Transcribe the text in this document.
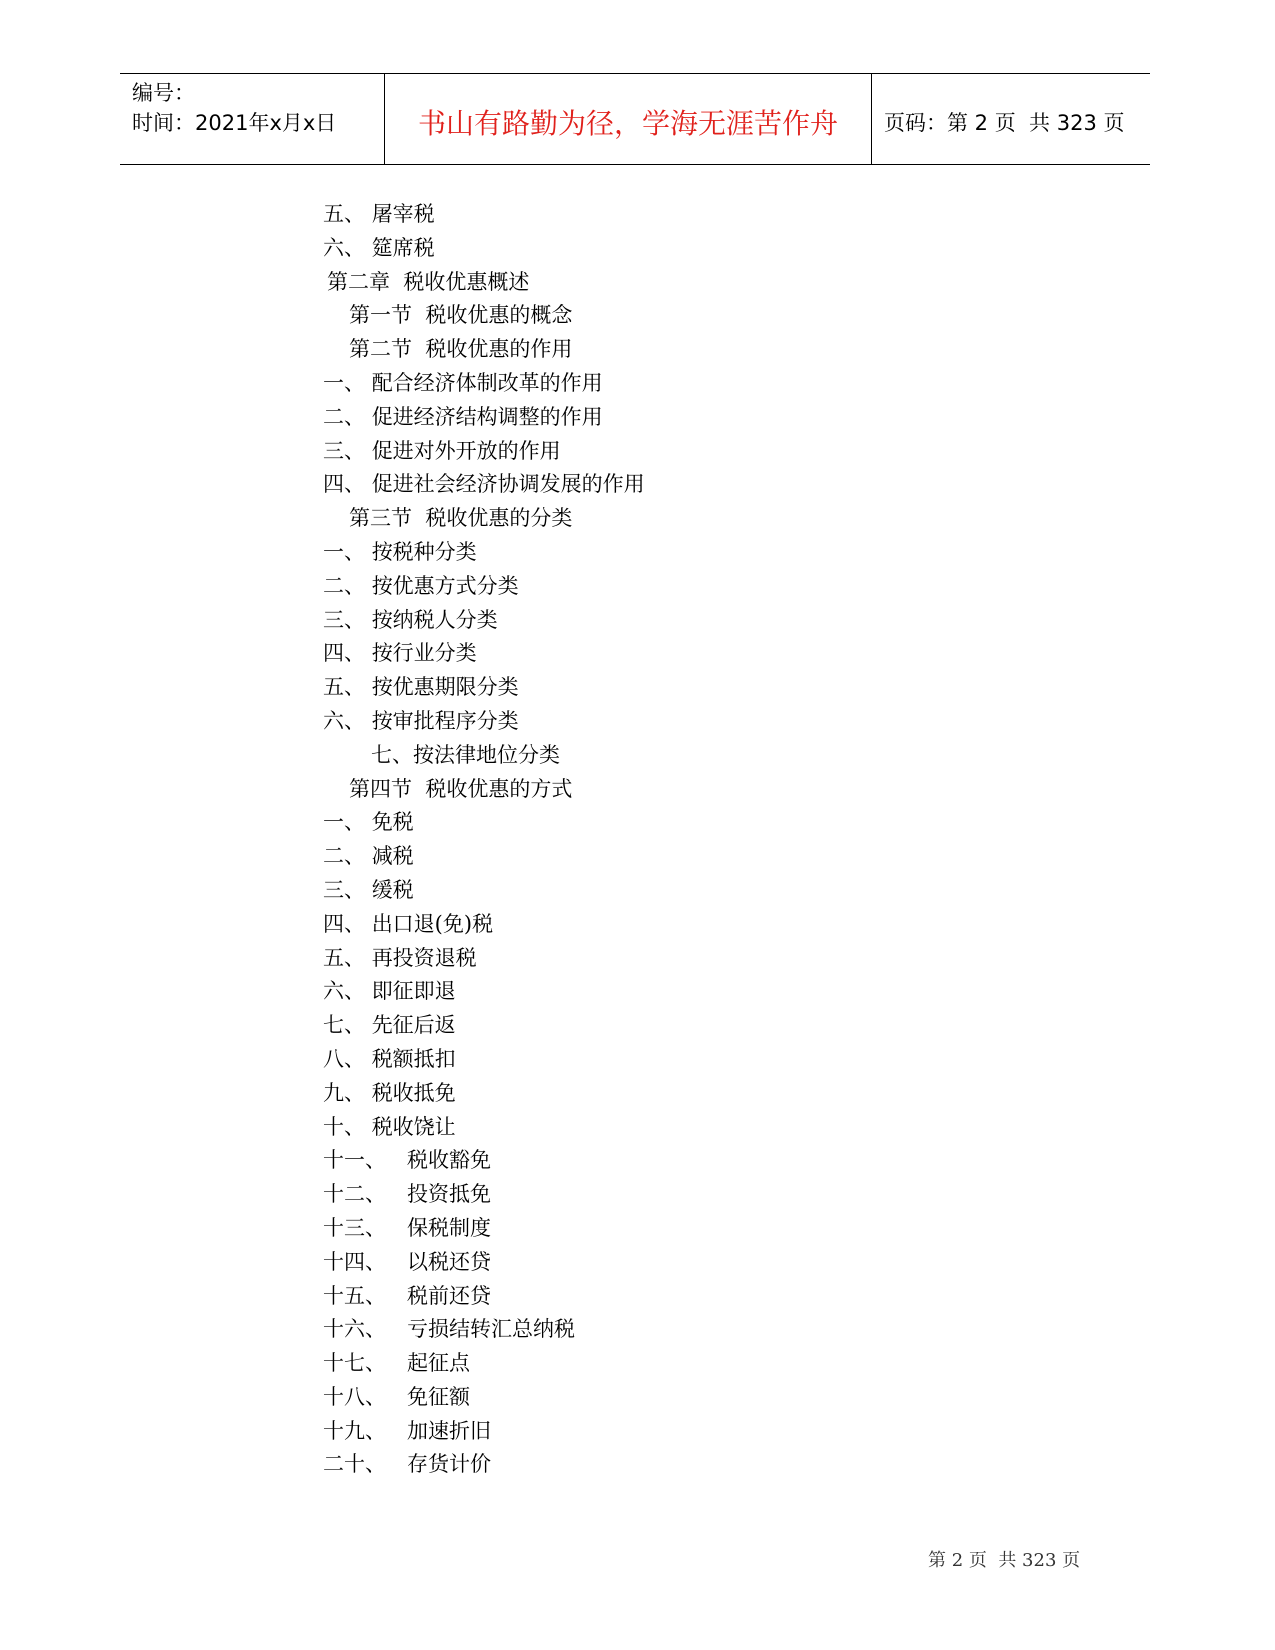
编号：
时间：2021年x月x日	书山有路勤为径，学海无涯苦作舟	页码：第 2 页  共 323 页
五、 屠宰税
六、 筵席税
第二章  税收优惠概述
第一节  税收优惠的概念
第二节  税收优惠的作用
一、 配合经济体制改革的作用
二、 促进经济结构调整的作用
三、 促进对外开放的作用
四、 促进社会经济协调发展的作用
第三节  税收优惠的分类
一、 按税种分类
二、 按优惠方式分类
三、 按纳税人分类
四、 按行业分类
五、 按优惠期限分类
六、 按审批程序分类
七、按法律地位分类
第四节  税收优惠的方式
一、 免税
二、 减税
三、 缓税
四、 出口退(免)税
五、 再投资退税
六、 即征即退
七、 先征后返
八、 税额抵扣
九、 税收抵免
十、 税收饶让
十一、 税收豁免
十二、 投资抵免
十三、 保税制度
十四、 以税还贷
十五、 税前还贷
十六、 亏损结转汇总纳税
十七、 起征点
十八、 免征额
十九、 加速折旧
二十、 存货计价
第 2 页  共 323 页
